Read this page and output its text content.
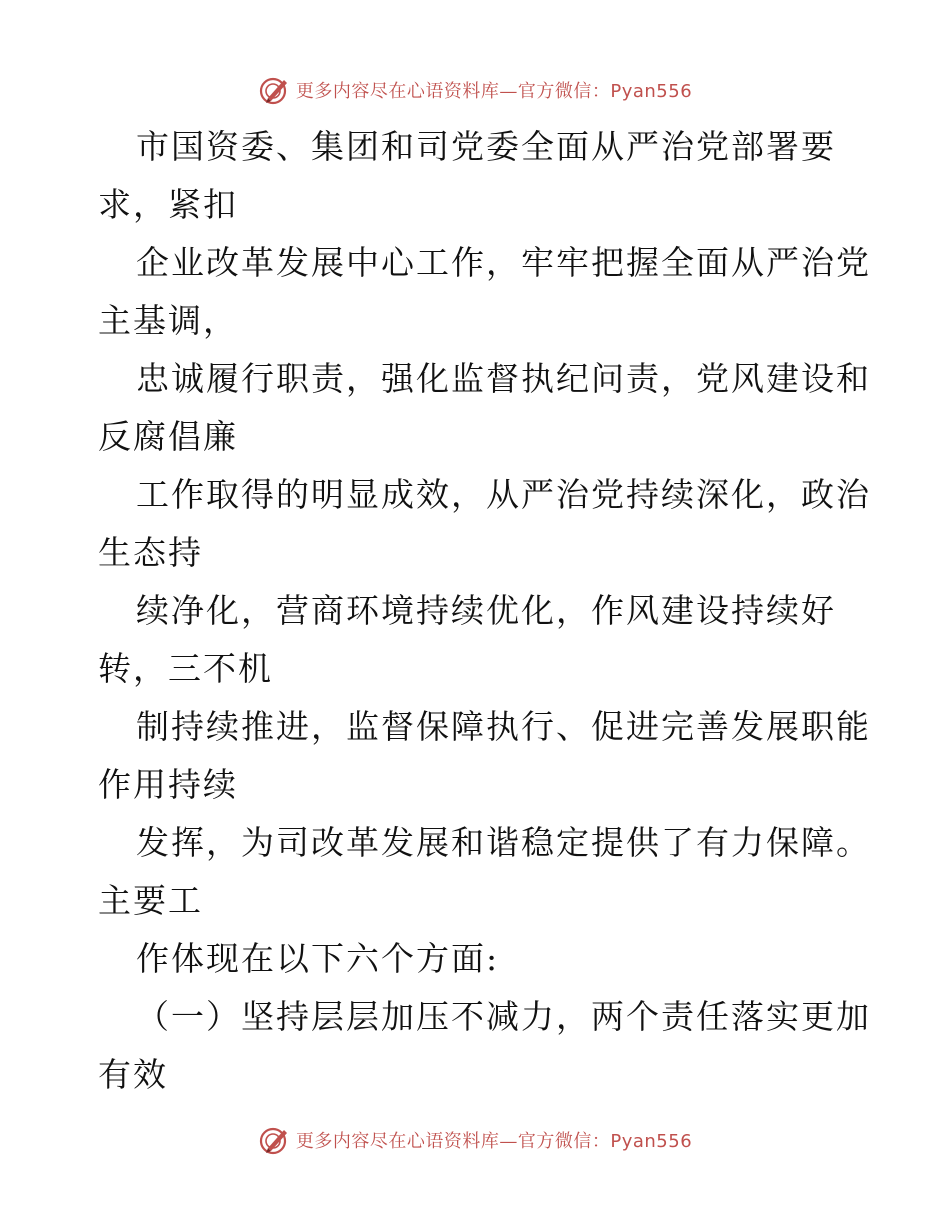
更多内容尽在心语资料库—官方微信：Pyan556
市国资委、集团和司党委全面从严治党部署要
求，紧扣
企业改革发展中心工作，牢牢把握全面从严治党
主基调，
忠诚履行职责，强化监督执纪问责，党风建设和
反腐倡廉
工作取得的明显成效，从严治党持续深化，政治
生态持
续净化，营商环境持续优化，作风建设持续好
转，三不机
制持续推进，监督保障执行、促进完善发展职能
作用持续
发挥，为司改革发展和谐稳定提供了有力保障。
主要工
作体现在以下六个方面:
（一）坚持层层加压不减力，两个责任落实更加
有效
更多内容尽在心语资料库—官方微信：Pyan556
